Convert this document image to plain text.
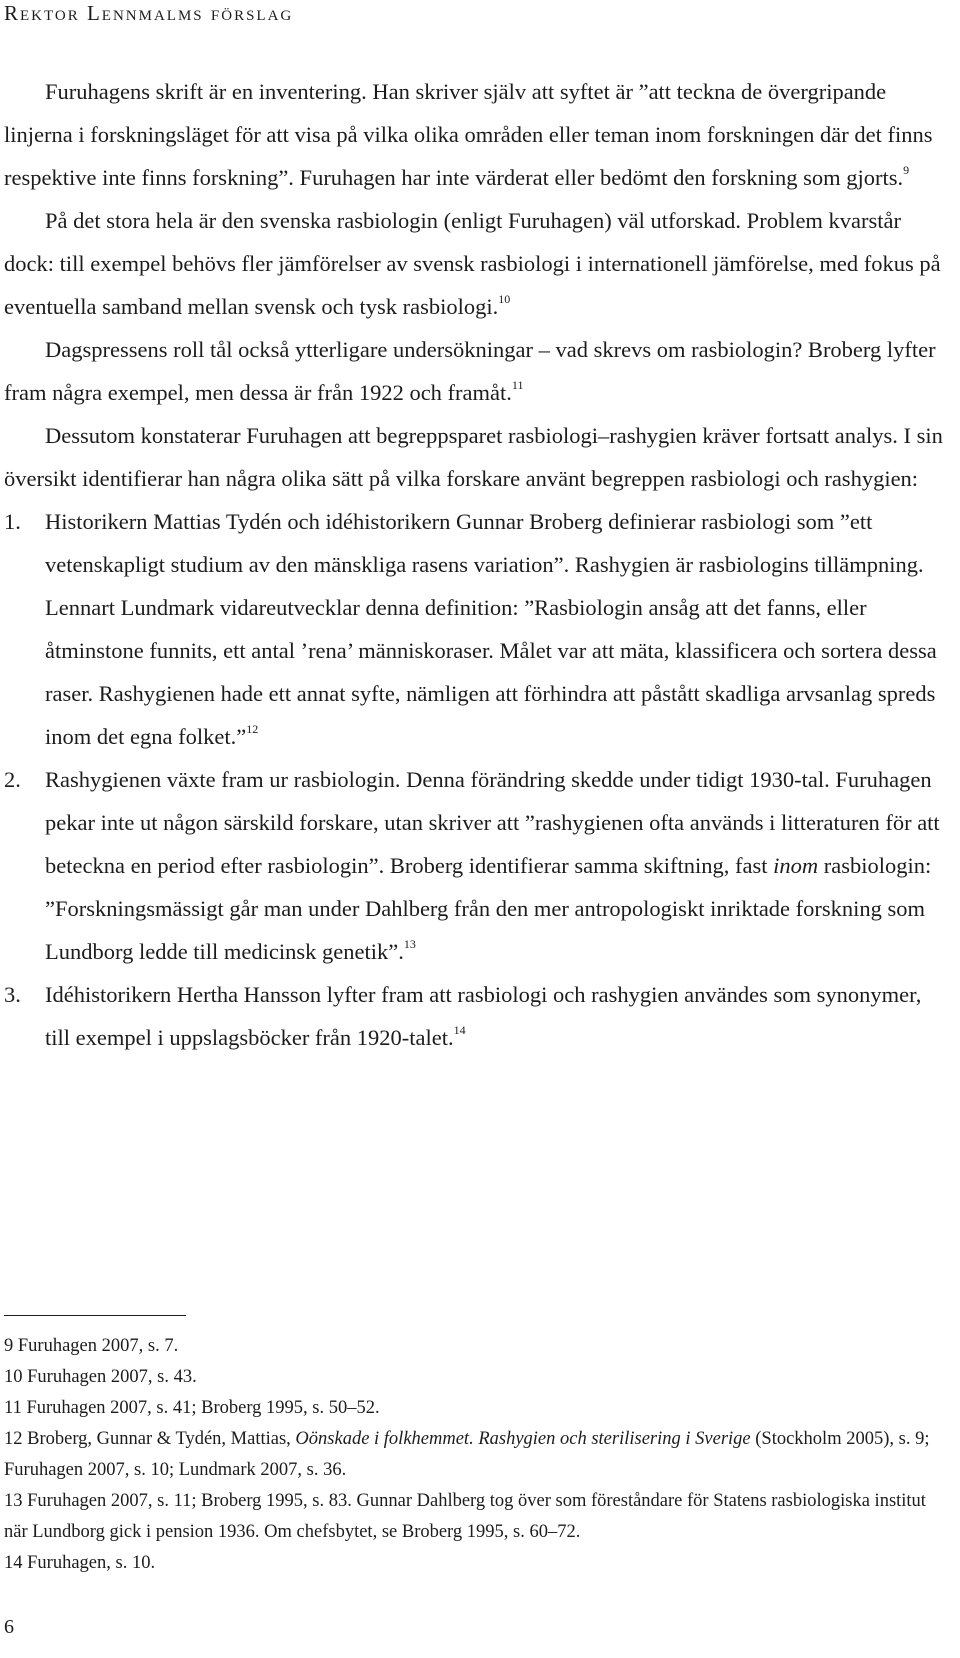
Rektor Lennmalms förslag

Furuhagens skrift är en inventering. Han skriver själv att syftet är ”att teckna de övergripande linjerna i forskningsläget för att visa på vilka olika områden eller teman inom forskningen där det finns respektive inte finns forskning”. Furuhagen har inte värderat eller bedömt den forskning som gjorts.$^9$

På det stora hela är den svenska rasbiologin (enligt Furuhagen) väl utforskad. Problem kvarstår dock: till exempel behövs fler jämförelser av svensk rasbiologi i internationell jämförelse, med fokus på eventuella samband mellan svensk och tysk rasbiologi.$^{10}$

Dagspressens roll tål också ytterligare undersökningar – vad skrevs om rasbiologin? Broberg lyfter fram några exempel, men dessa är från 1922 och framåt.$^{11}$

Dessutom konstaterar Furuhagen att begreppsparet rasbiologi–rashygien kräver fortsatt analys. I sin översikt identifierar han några olika sätt på vilka forskare använt begreppen rasbiologi och rashygien:

1. Historikern Mattias Tydén och idéhistorikern Gunnar Broberg definierar rasbiologi som ”ett vetenskapligt studium av den mänskliga rasens variation”. Rashygien är rasbiologins tillämpning. Lennart Lundmark vidareutvecklar denna definition: ”Rasbiologin ansåg att det fanns, eller åtminstone funnits, ett antal ’rena’ människoraser. Målet var att mäta, klassificera och sortera dessa raser. Rashygienen hade ett annat syfte, nämligen att förhindra att påstått skadliga arvsanlag spreds inom det egna folket.”$^{12}$
2. Rashygienen växte fram ur rasbiologin. Denna förändring skedde under tidigt 1930-tal. Furuhagen pekar inte ut någon särskild forskare, utan skriver att ”rashygienen ofta används i litteraturen för att beteckna en period efter rasbiologin”. Broberg identifierar samma skiftning, fast inom rasbiologin: ”Forskningsmässigt går man under Dahlberg från den mer antropologiskt inriktade forskning som Lundborg ledde till medicinsk genetik”.$^{13}$
3. Idéhistorikern Hertha Hansson lyfter fram att rasbiologi och rashygien användes som synonymer, till exempel i uppslagsböcker från 1920-talet.$^{14}$

9 Furuhagen 2007, s. 7.

10 Furuhagen 2007, s. 43.

11 Furuhagen 2007, s. 41; Broberg 1995, s. 50–52.

12 Broberg, Gunnar & Tydén, Mattias, Oönskade i folkhemmet. Rashygien och sterilisering i Sverige (Stockholm 2005), s. 9; Furuhagen 2007, s. 10; Lundmark 2007, s. 36.

13 Furuhagen 2007, s. 11; Broberg 1995, s. 83. Gunnar Dahlberg tog över som föreståndare för Statens rasbiologiska institut när Lundborg gick i pension 1936. Om chefsbytet, se Broberg 1995, s. 60–72.

14 Furuhagen, s. 10.

6
